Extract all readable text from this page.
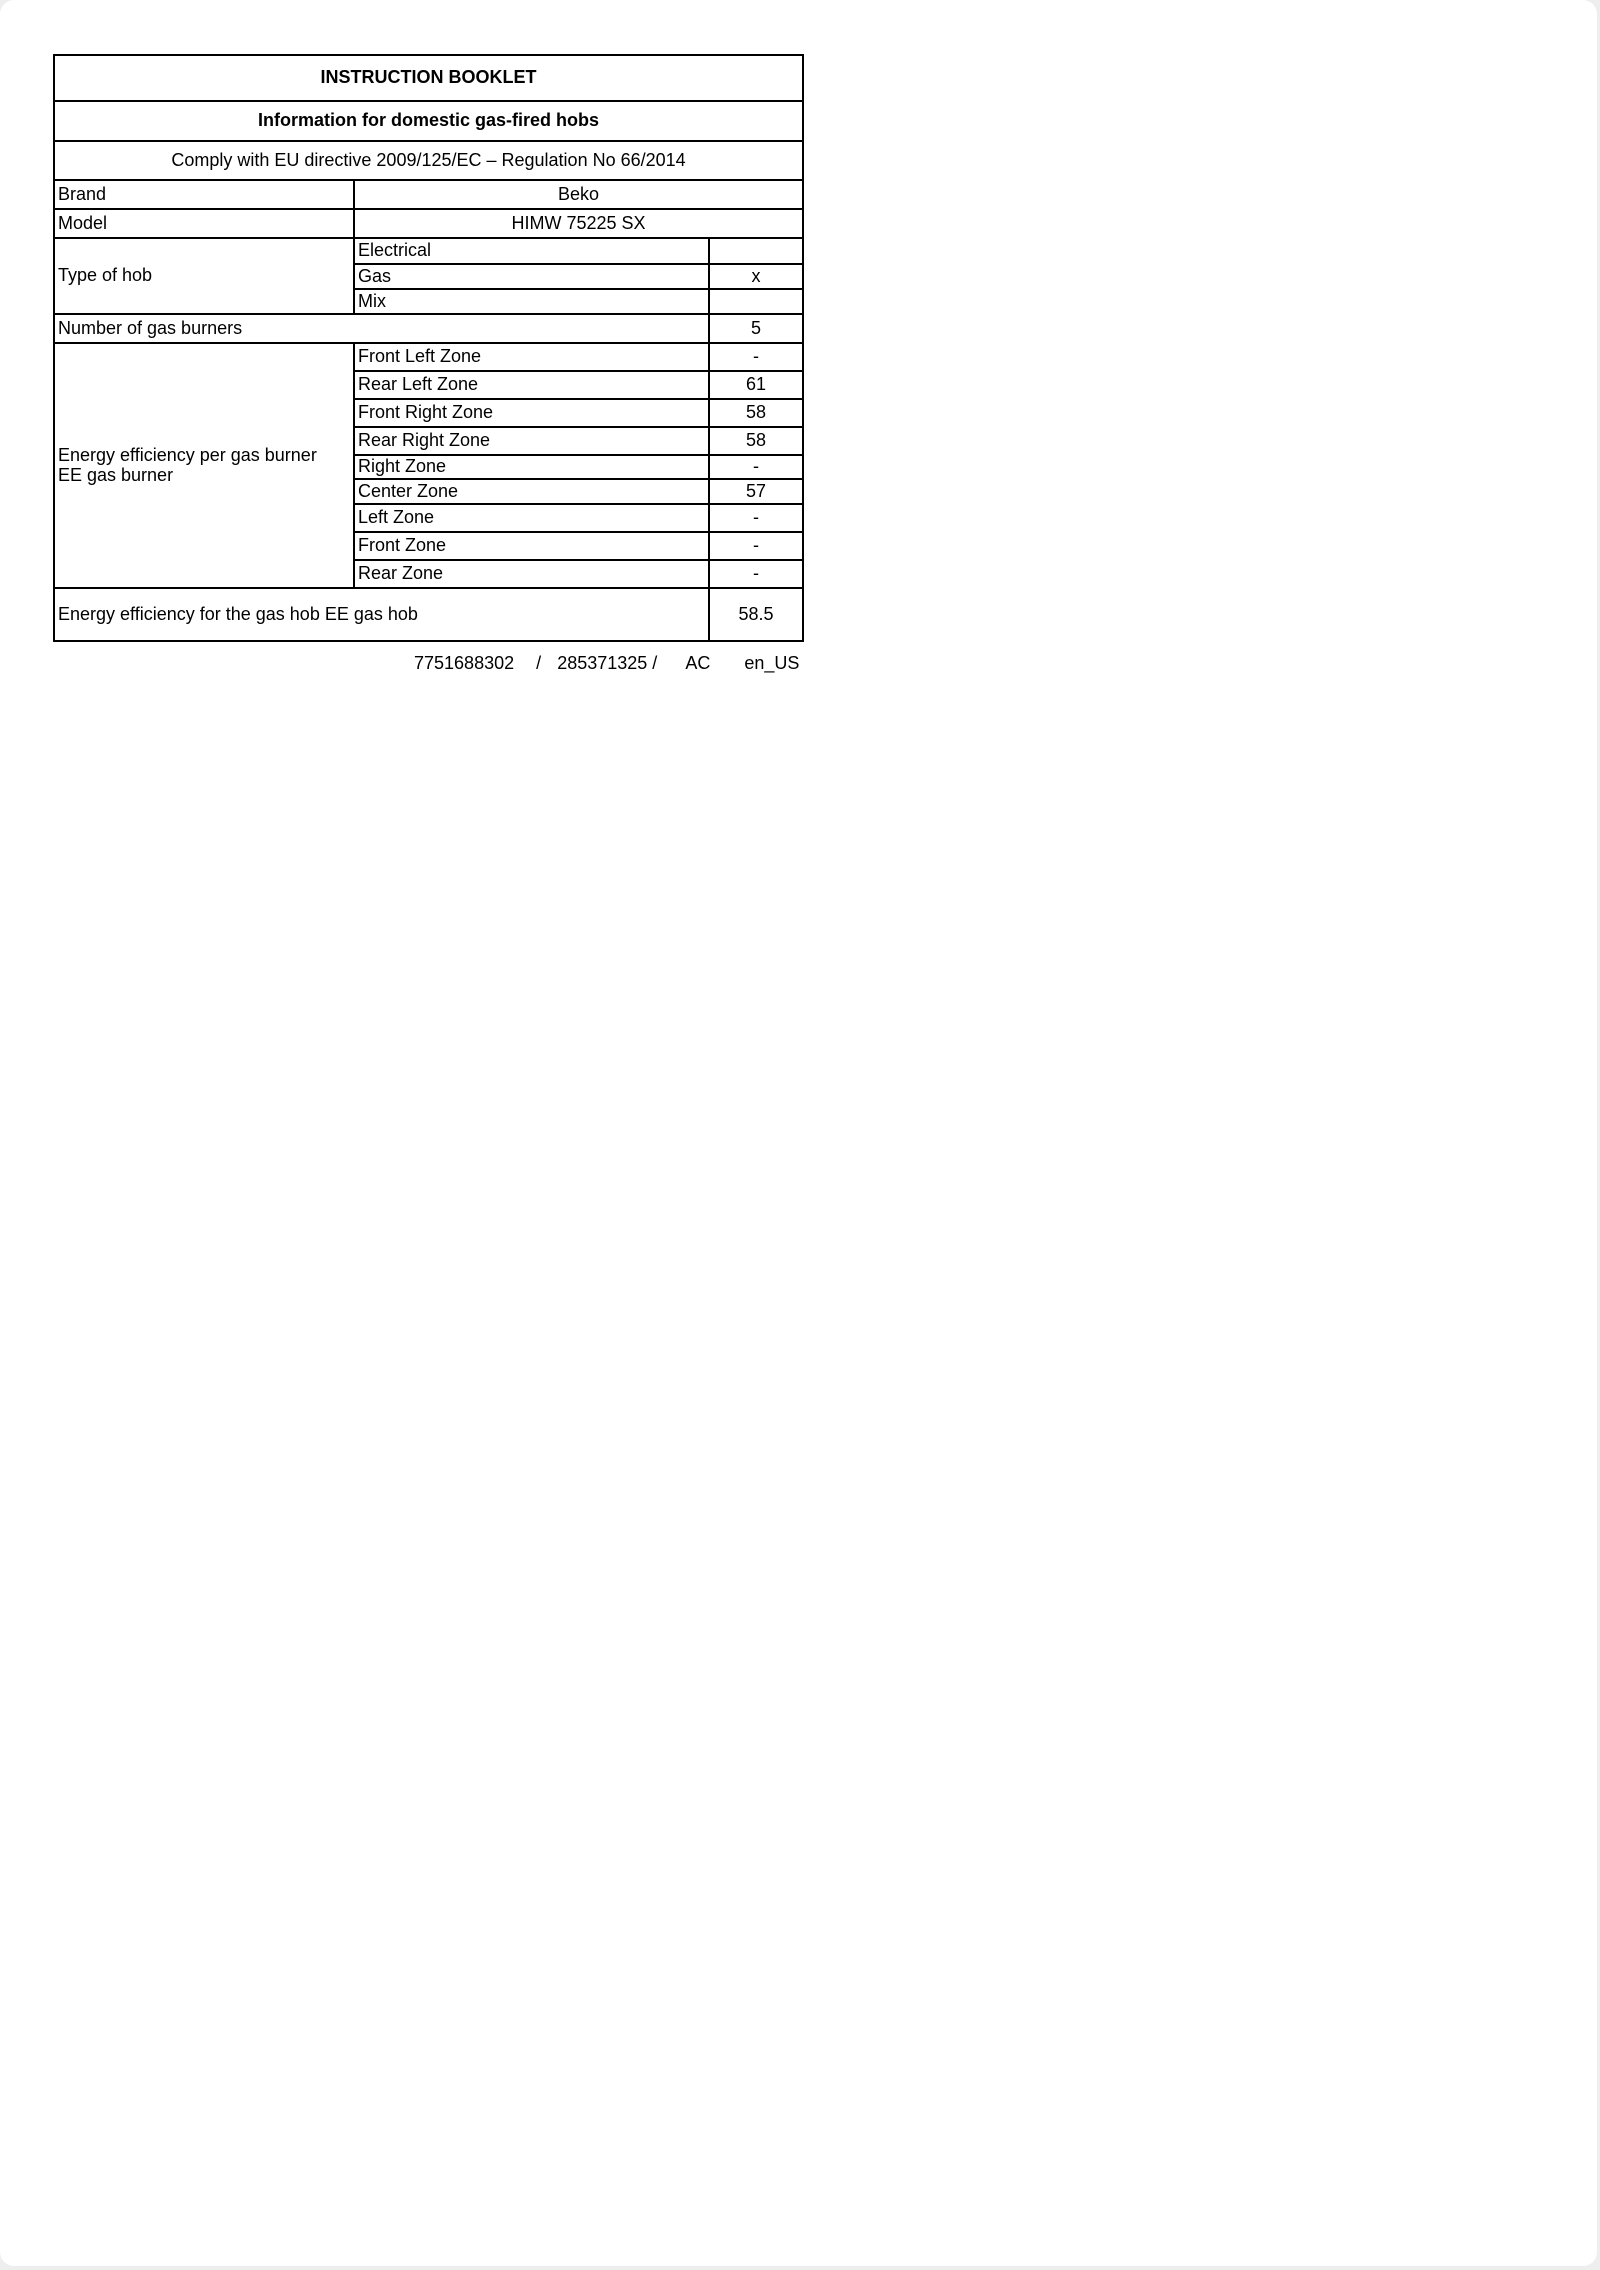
INSTRUCTION BOOKLET		
Information for domestic gas-fired hobs		
Comply with EU directive 2009/125/EC – Regulation No 66/2014		
Brand	Beko	
Model	HIMW 75225 SX	
Type of hob	Electrical	
	Gas	x
	Mix	
Number of gas burners		5
Energy efficiency per gas burner
EE gas burner	Front Left Zone	-
	Rear Left Zone	61
	Front Right Zone	58
	Rear Right Zone	58
	Right Zone	-
	Center Zone	57
	Left Zone	-
	Front Zone	-
	Rear Zone	-
Energy efficiency for the gas hob EE gas hob		58.5
7751688302 / 285371325 / AC en_US
